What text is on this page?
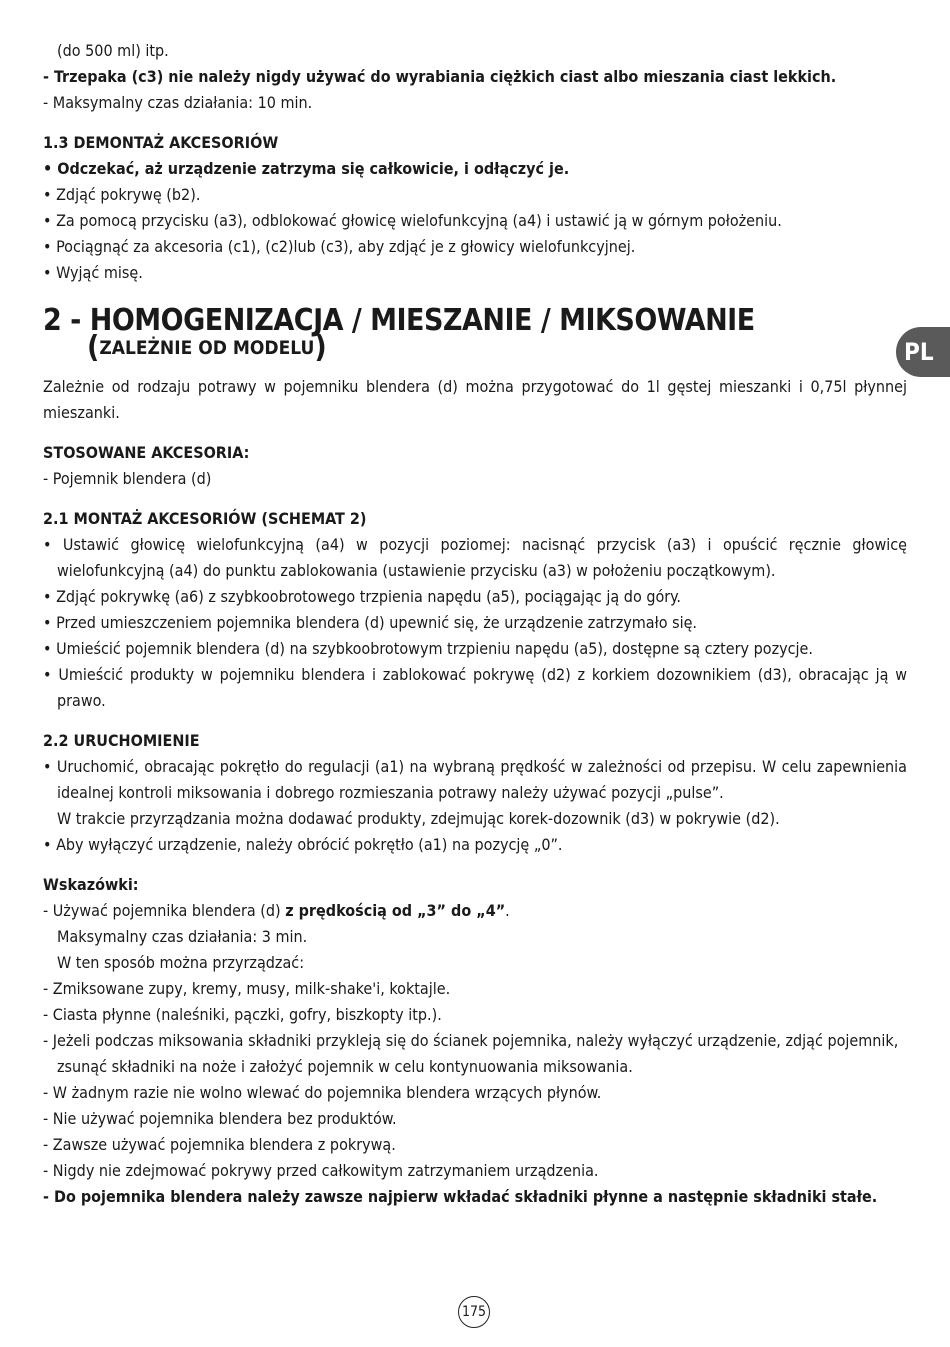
PL

(do 500 ml) itp.

- Trzepaka (c3) nie należy nigdy używać do wyrabiania ciężkich ciast albo mieszania ciast lekkich.

- Maksymalny czas działania: 10 min.

1.3 DEMONTAŻ AKCESORIÓW

• Odczekać, aż urządzenie zatrzyma się całkowicie, i odłączyć je.

• Zdjąć pokrywę (b2).

• Za pomocą przycisku (a3), odblokować głowicę wielofunkcyjną (a4) i ustawić ją w górnym położeniu.

• Pociągnąć za akcesoria (c1), (c2)lub (c3), aby zdjąć je z głowicy wielofunkcyjnej.

• Wyjąć misę.

2 - HOMOGENIZACJA / MIESZANIE / MIKSOWANIE

(ZALEŻNIE OD MODELU)

Zależnie od rodzaju potrawy w pojemniku blendera (d) można przygotować do 1l gęstej mieszanki i 0,75l płynnej mieszanki.

STOSOWANE AKCESORIA:

- Pojemnik blendera (d)

2.1 MONTAŻ AKCESORIÓW (SCHEMAT 2)

• Ustawić głowicę wielofunkcyjną (a4) w pozycji poziomej: nacisnąć przycisk (a3) i opuścić ręcznie głowicę wielofunkcyjną (a4) do punktu zablokowania (ustawienie przycisku (a3) w położeniu początkowym).

• Zdjąć pokrywkę (a6) z szybkoobrotowego trzpienia napędu (a5), pociągając ją do góry.

• Przed umieszczeniem pojemnika blendera (d) upewnić się, że urządzenie zatrzymało się.

• Umieścić pojemnik blendera (d) na szybkoobrotowym trzpieniu napędu (a5), dostępne są cztery pozycje.

• Umieścić produkty w pojemniku blendera i zablokować pokrywę (d2) z korkiem dozownikiem (d3), obracając ją w prawo.

2.2 URUCHOMIENIE

• Uruchomić, obracając pokrętło do regulacji (a1) na wybraną prędkość w zależności od przepisu. W celu zapewnienia idealnej kontroli miksowania i dobrego rozmieszania potrawy należy używać pozycji „pulse”.

W trakcie przyrządzania można dodawać produkty, zdejmując korek-dozownik (d3) w pokrywie (d2).

• Aby wyłączyć urządzenie, należy obrócić pokrętło (a1) na pozycję „0”.

Wskazówki:

- Używać pojemnika blendera (d) z prędkością od „3” do „4”.

Maksymalny czas działania: 3 min.

W ten sposób można przyrządzać:

- Zmiksowane zupy, kremy, musy, milk-shake'i, koktajle.

- Ciasta płynne (naleśniki, pączki, gofry, biszkopty itp.).

- Jeżeli podczas miksowania składniki przykleją się do ścianek pojemnika, należy wyłączyć urządzenie, zdjąć pojemnik, zsunąć składniki na noże i założyć pojemnik w celu kontynuowania miksowania.

- W żadnym razie nie wolno wlewać do pojemnika blendera wrzących płynów.

- Nie używać pojemnika blendera bez produktów.

- Zawsze używać pojemnika blendera z pokrywą.

- Nigdy nie zdejmować pokrywy przed całkowitym zatrzymaniem urządzenia.

- Do pojemnika blendera należy zawsze najpierw wkładać składniki płynne a następnie składniki stałe.

175
